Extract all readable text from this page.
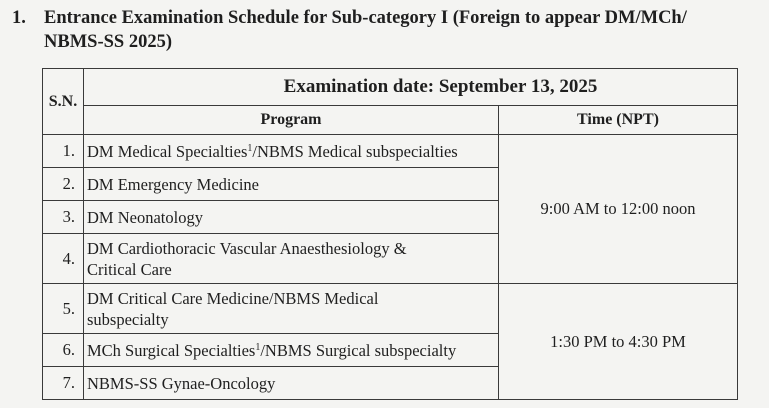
1. Entrance Examination Schedule for Sub-category I (Foreign to appear DM/MCh/
NBMS-SS 2025)
S.N.	Examination date: September 13, 2025	
	Program	Time (NPT)
1.	DM Medical Specialties$^1$/NBMS Medical subspecialties	9:00 AM to 12:00 noon
2.	DM Emergency Medicine	
3.	DM Neonatology	
4.	DM Cardiothoracic Vascular Anaesthesiology &
Critical Care	
5.	DM Critical Care Medicine/NBMS Medical
subspecialty	1:30 PM to 4:30 PM
6.	MCh Surgical Specialties$^1$/NBMS Surgical subspecialty	
7.	NBMS-SS Gynae-Oncology	
